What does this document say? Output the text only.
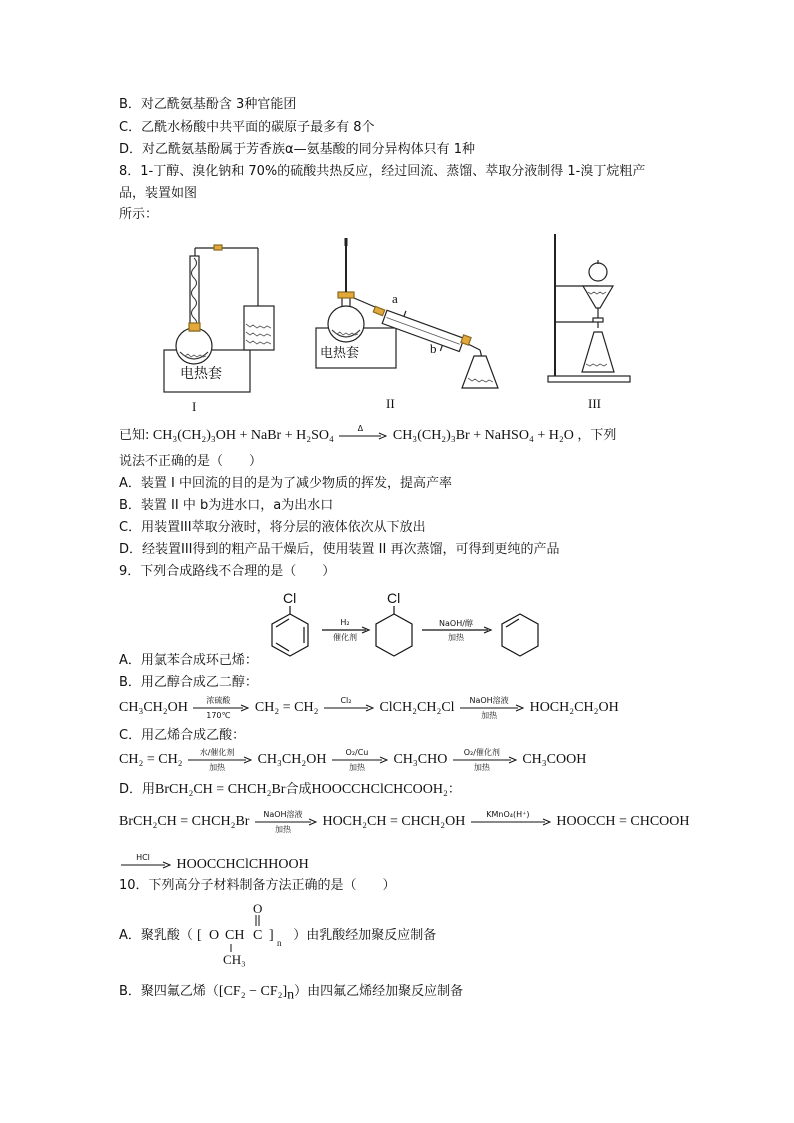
B．对乙酰氨基酚含 3种官能团
C．乙酰水杨酸中共平面的碳原子最多有 8个
D．对乙酰氨基酚属于芳香族α—氨基酸的同分异构体只有 1种
8．1-丁醇、溴化钠和 70%的硫酸共热反应，经过回流、蒸馏、萃取分液制得 1-溴丁烷粗产
品，装置如图
所示：
电热套
电热套
a
b
I	II	III
已知: CH₃(CH₂)₃OH + NaBr + H₂SO₄	Δ	CH₃(CH₂)₃Br + NaHSO₄ + H₂O ，下列
说法不正确的是（　　）
A．装置 I 中回流的目的是为了减少物质的挥发，提高产率
B．装置 II 中 b为进水口，a为出水口
C．用装置III萃取分液时，将分层的液体依次从下放出
D．经装置III得到的粗产品干燥后，使用装置 II 再次蒸馏，可得到更纯的产品
9．下列合成路线不合理的是（　　）
Cl	Cl
H₂
催化剂
NaOH/醇
加热
A．用氯苯合成环己烯：
B．用乙醇合成乙二醇：
CH₃CH₂OH	浓硫酸
170℃
CH₂ = CH₂	Cl₂	ClCH₂CH₂Cl	NaOH溶液
加热
HOCH₂CH₂OH
C．用乙烯合成乙酸：
CH₂ = CH₂	水/催化剂
加热
CH₃CH₂OH	O₂/Cu
加热
CH₃CHO	O₂/催化剂
加热
CH₃COOH
D．用BrCH₂CH = CHCH₂Br合成HOOCCHClCHCOOH₂：
BrCH₂CH = CHCH₂Br	NaOH溶液
加热
HOCH₂CH = CHCH₂OH	KMnO₄(H⁺)	HOOCCH = CHCOOH
HCl	HOOCCHClCHHOOH
10．下列高分子材料制备方法正确的是（　　）
A．聚乳酸（ [ O CH C ] n
O
CH₃
）由乳酸经加聚反应制备
B．聚四氟乙烯$([CF_2 - CF_2]_n)$由四氟乙烯经加聚反应制备
